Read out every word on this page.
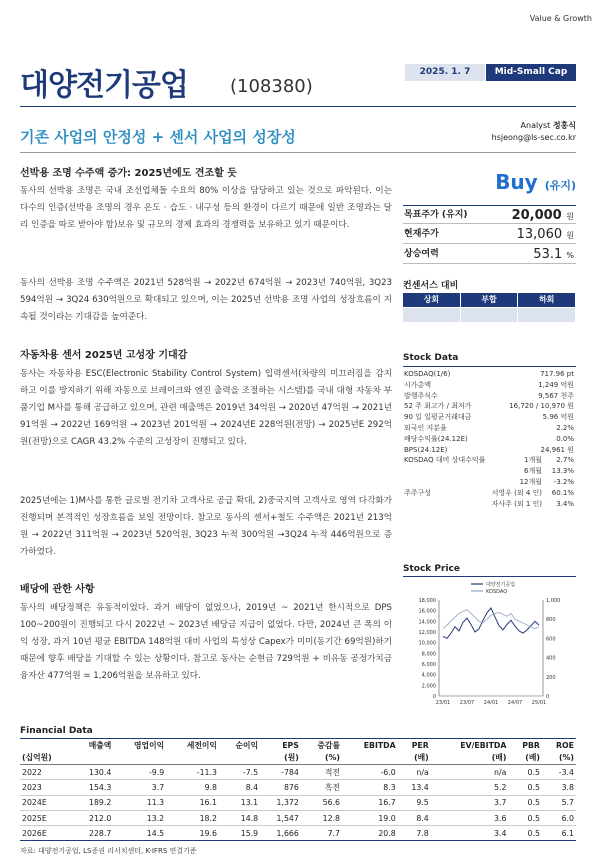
Value & Growth
대양전기공업 (108380)
2025. 1. 7	Mid-Small Cap
기존 사업의 안정성 + 센서 사업의 성장성
Analyst 정홍식
hsjeong@ls-sec.co.kr
선박용 조명 수주액 증가: 2025년에도 견조할 듯
동사의 선박용 조명은 국내 조선업체들 수요의 80% 이상을 담당하고 있는 것으로 파악된다. 이는 다수의 인증(선박용 조명의 경우 온도 · 습도 · 내구성 등의 환경이 다르기 때문에 일반 조명과는 달리 인증을 따로 받아야 함)보유 및 규모의 경제 효과의 경쟁력을 보유하고 있기 때문이다.
동사의 선박용 조명 수주액은 2021년 528억원 → 2022년 674억원 → 2023년 740억원, 3Q23 594억원 → 3Q24 630억원으로 확대되고 있으며, 이는 2025년 선박용 조명 사업의 성장흐름이 지속될 것이라는 기대감을 높여준다.
자동차용 센서 2025년 고성장 기대감
동사는 자동차용 ESC(Electronic Stability Control System) 입력센서(차량의 미끄러짐을 감지하고 이를 방지하기 위해 자동으로 브레이크와 엔진 출력을 조절하는 시스템)를 국내 대형 자동차 부품기업 M사를 통해 공급하고 있으며, 관련 매출액은 2019년 34억원 → 2020년 47억원 → 2021년 91억원 → 2022년 169억원 → 2023년 201억원 → 2024년E 228억원(전망) → 2025년E 292억원(전망)으로 CAGR 43.2% 수준의 고성장이 진행되고 있다.
2025년에는 1)M사를 통한 글로벌 전기차 고객사로 공급 확대, 2)중국지역 고객사로 영역 다각화가 진행되며 본격적인 성장흐름을 보일 전망이다. 참고로 동사의 센서+철도 수주액은 2021년 213억원 → 2022년 311억원 → 2023년 520억원, 3Q23 누적 300억원 →3Q24 누적 446억원으로 증가하였다.
배당에 관한 사항
동사의 배당정책은 유동적이었다. 과거 배당이 없었으나, 2019년 ~ 2021년 한시적으로 DPS 100~200원이 진행되고 다시 2022년 ~ 2023년 배당금 지급이 없었다. 다만, 2024년 큰 폭의 이익 성장, 과거 10년 평균 EBITDA 148억원 대비 사업의 특성상 Capex가 미미(동기간 69억원)하기 때문에 향후 배당을 기대할 수 있는 상황이다. 참고로 동사는 순현금 729억원 + 비유동 공정가치금융자산 477억원 = 1,206억원을 보유하고 있다.
Buy (유지)
목표주가 (유지)	20,000 원
현재주가	13,060 원
상승여력	53.1 %
컨센서스 대비
상회	부합	하회
Stock Data
KOSDAQ(1/6)	717.96 pt
시가총액	1,249 억원
발행주식수	9,567 천주
52 주 최고가 / 최저가	16,720 / 10,970 원
90 일 일평균거래대금	5.96 억원
외국인 지분율	2.2%
배당수익률(24.12E)	0.0%
BPS(24.12E)	24,961 원
KOSDAQ 대비 상대수익률	1개월 2.7%
6개월 13.3%
12개월 -3.2%
주주구성	서영우 (외 4 인) 60.1%
자사주 (외 1 인) 3.4%
Stock Price
18,000
16,000
14,000
12,000
10,000
8,000
6,000
4,000
2,000
0
1,000
800
600
400
200
0
23/01 23/07 24/01 24/07 25/01
대양전기공업
KOSDAQ
Financial Data
	매출액	영업이익	세전이익	순이익	EPS	증감률	EBITDA	PER	EV/EBITDA	PBR	ROE
(십억원)					(원)	(%)		(배)	(배)	(배)	(%)
2022	130.4	-9.9	-11.3	-7.5	-784	적전	-6.0	n/a	n/a	0.5	-3.4
2023	154.3	3.7	9.8	8.4	876	흑전	8.3	13.4	5.2	0.5	3.8
2024E	189.2	11.3	16.1	13.1	1,372	56.6	16.7	9.5	3.7	0.5	5.7
2025E	212.0	13.2	18.2	14.8	1,547	12.8	19.0	8.4	3.6	0.5	6.0
2026E	228.7	14.5	19.6	15.9	1,666	7.7	20.8	7.8	3.4	0.5	6.1
자료: 대양전기공업, LS증권 리서치센터, K-IFRS 연결기준
